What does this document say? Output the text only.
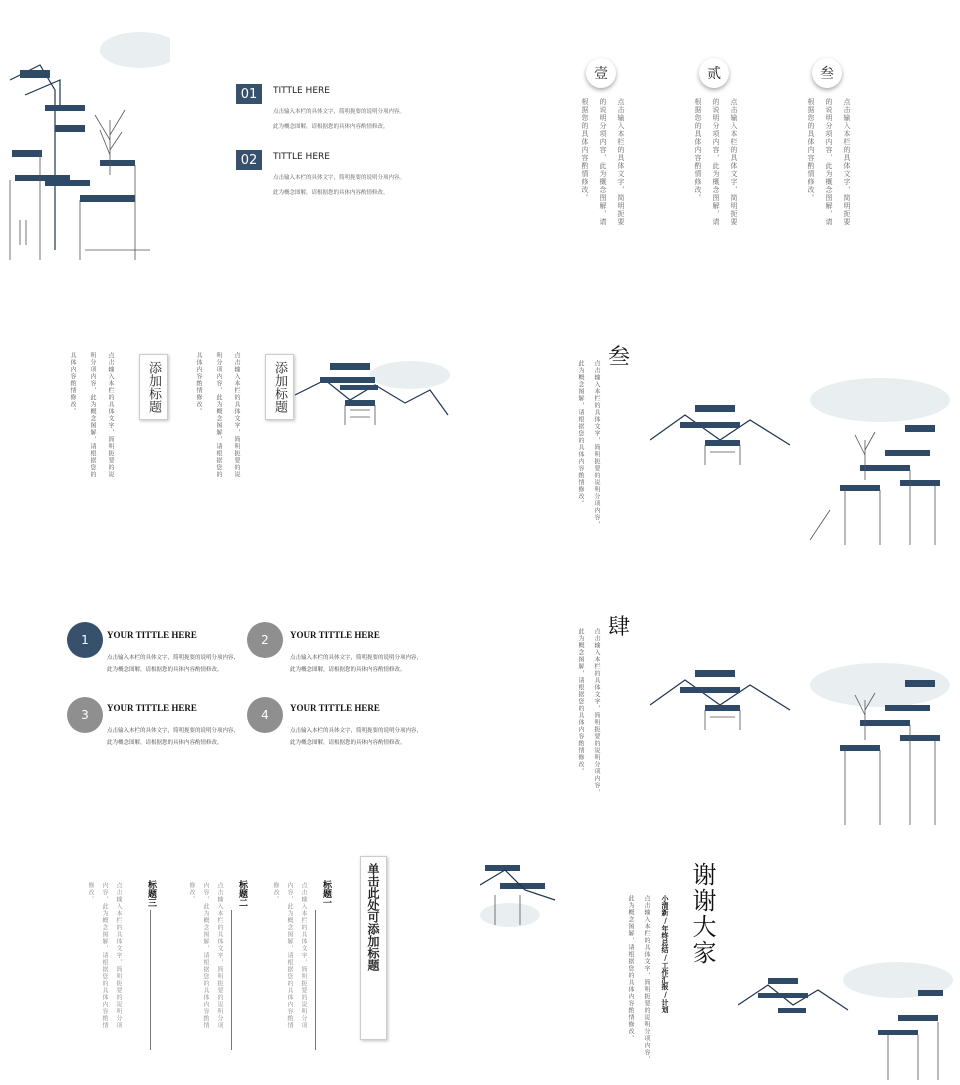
01 TITTLE HERE
点击输入本栏的具体文字，简明扼要的说明分项内容。
此为概念图解，请根据您的具体内容酌情修改。
02 TITTLE HERE
点击输入本栏的具体文字，简明扼要的说明分项内容。
此为概念图解，请根据您的具体内容酌情修改。
壹
点击输入本栏的具体文字，简明扼要
的说明分项内容，此为概念图解，请
根据您的具体内容酌情修改。
贰
点击输入本栏的具体文字，简明扼要
的说明分项内容，此为概念图解，请
根据您的具体内容酌情修改。
叁
点击输入本栏的具体文字，简明扼要
的说明分项内容，此为概念图解，请
根据您的具体内容酌情修改。
点击输入本栏的具体文字，简明扼要的说
明分项内容，此为概念图解，请根据您的
具体内容酌情修改。	添加标题	点击输入本栏的具体文字，简明扼要的说
明分项内容，此为概念图解，请根据您的
具体内容酌情修改。	添加标题
叁
点击输入本栏的具体文字，简明扼要的说明分项内容，
此为概念图解，请根据您的具体内容酌情修改。
1 YOUR TITTLE HERE
点击输入本栏的具体文字，简明扼要的说明分项内容，
此为概念图解，请根据您的具体内容酌情修改。
2 YOUR TITTLE HERE
点击输入本栏的具体文字，简明扼要的说明分项内容，
此为概念图解，请根据您的具体内容酌情修改。
3 YOUR TITTLE HERE
点击输入本栏的具体文字，简明扼要的说明分项内容，
此为概念图解，请根据您的具体内容酌情修改。
4 YOUR TITTLE HERE
点击输入本栏的具体文字，简明扼要的说明分项内容，
此为概念图解，请根据您的具体内容酌情修改。
肆
点击输入本栏的具体文字，简明扼要的说明分项内容，
此为概念图解，请根据您的具体内容酌情修改。
单击此处可添加标题
标题一
点击输入本栏的具体文字，简明扼要的说明分项
内容，此为概念图解，请根据您的具体内容酌情
修改。
标题二
点击输入本栏的具体文字，简明扼要的说明分项
内容，此为概念图解，请根据您的具体内容酌情
修改。
标题三
点击输入本栏的具体文字，简明扼要的说明分项
内容，此为概念图解，请根据您的具体内容酌情
修改。	谢谢大家
小清新/年终总结/工作汇报/计划
点击输入本栏的具体文字，简明扼要的说明分项内容，
此为概念图解，请根据您的具体内容酌情修改。
